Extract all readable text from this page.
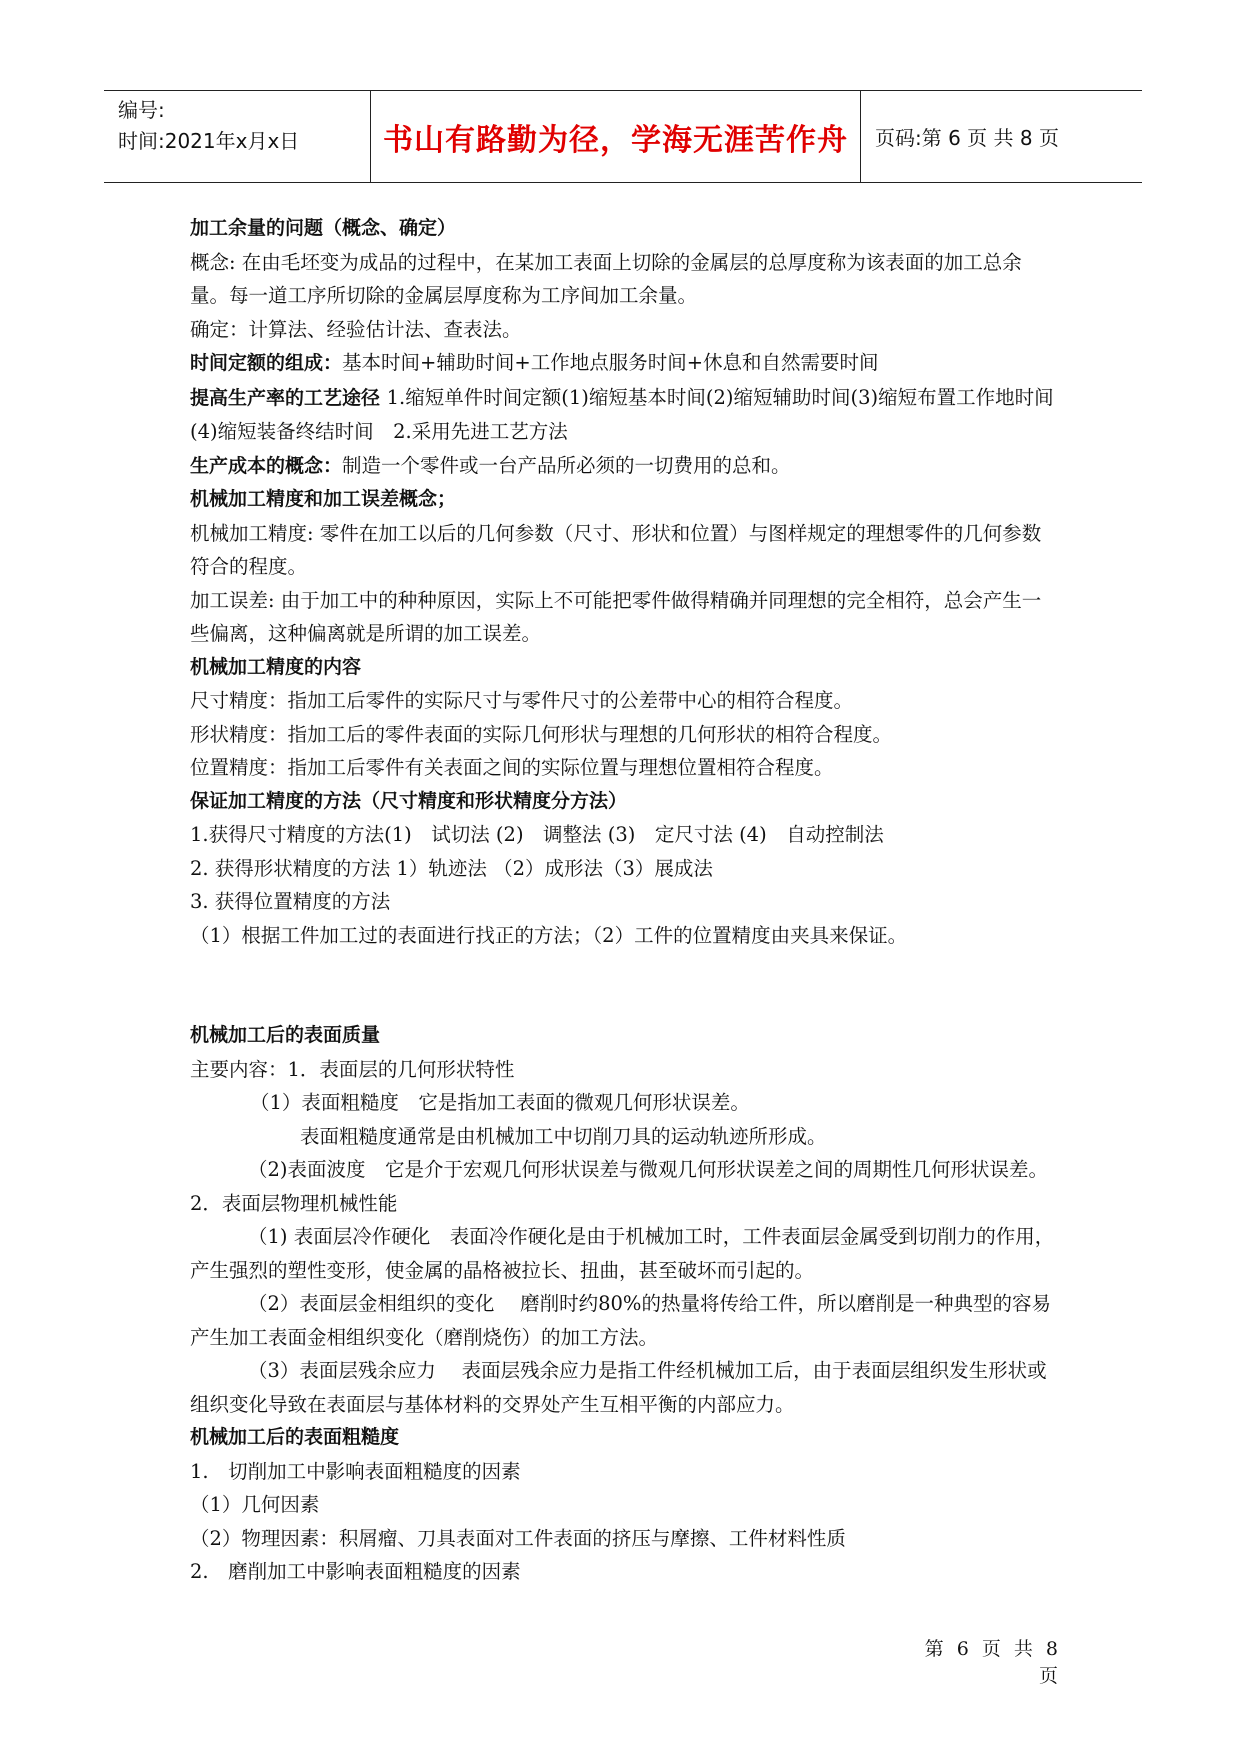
编号:
时间:2021年x月x日	书山有路勤为径，学海无涯苦作舟 页码:第 6 页 共 8 页

加工余量的问题（概念、确定）

概念: 在由毛坯变为成品的过程中，在某加工表面上切除的金属层的总厚度称为该表面的加工总余量。每一道工序所切除的金属层厚度称为工序间加工余量。

确定：计算法、经验估计法、查表法。

时间定额的组成：基本时间+辅助时间+工作地点服务时间+休息和自然需要时间

提高生产率的工艺途径 1.缩短单件时间定额(1)缩短基本时间(2)缩短辅助时间(3)缩短布置工作地时间(4)缩短装备终结时间　2.采用先进工艺方法

生产成本的概念：制造一个零件或一台产品所必须的一切费用的总和。

机械加工精度和加工误差概念；

机械加工精度: 零件在加工以后的几何参数（尺寸、形状和位置）与图样规定的理想零件的几何参数符合的程度。

加工误差: 由于加工中的种种原因，实际上不可能把零件做得精确并同理想的完全相符，总会产生一些偏离，这种偏离就是所谓的加工误差。

机械加工精度的内容

尺寸精度：指加工后零件的实际尺寸与零件尺寸的公差带中心的相符合程度。

形状精度：指加工后的零件表面的实际几何形状与理想的几何形状的相符合程度。

位置精度：指加工后零件有关表面之间的实际位置与理想位置相符合程度。

保证加工精度的方法（尺寸精度和形状精度分方法）

1.获得尺寸精度的方法(1)　试切法 (2)　调整法 (3)　定尺寸法 (4)　自动控制法

2. 获得形状精度的方法 1）轨迹法 （2）成形法（3）展成法

3. 获得位置精度的方法

（1）根据工件加工过的表面进行找正的方法；（2）工件的位置精度由夹具来保证。

机械加工后的表面质量

主要内容：1．表面层的几何形状特性

（1）表面粗糙度　它是指加工表面的微观几何形状误差。

表面粗糙度通常是由机械加工中切削刀具的运动轨迹所形成。

（2)表面波度　它是介于宏观几何形状误差与微观几何形状误差之间的周期性几何形状误差。

2．表面层物理机械性能

（1) 表面层冷作硬化　表面冷作硬化是由于机械加工时，工件表面层金属受到切削力的作用，产生强烈的塑性变形，使金属的晶格被拉长、扭曲，甚至破坏而引起的。

（2）表面层金相组织的变化　 磨削时约80%的热量将传给工件，所以磨削是一种典型的容易产生加工表面金相组织变化（磨削烧伤）的加工方法。

（3）表面层残余应力　 表面层残余应力是指工件经机械加工后，由于表面层组织发生形状或组织变化导致在表面层与基体材料的交界处产生互相平衡的内部应力。

机械加工后的表面粗糙度

1.　切削加工中影响表面粗糙度的因素

（1）几何因素

（2）物理因素：积屑瘤、刀具表面对工件表面的挤压与摩擦、工件材料性质

2.　磨削加工中影响表面粗糙度的因素

第 6 页 共 8 页
